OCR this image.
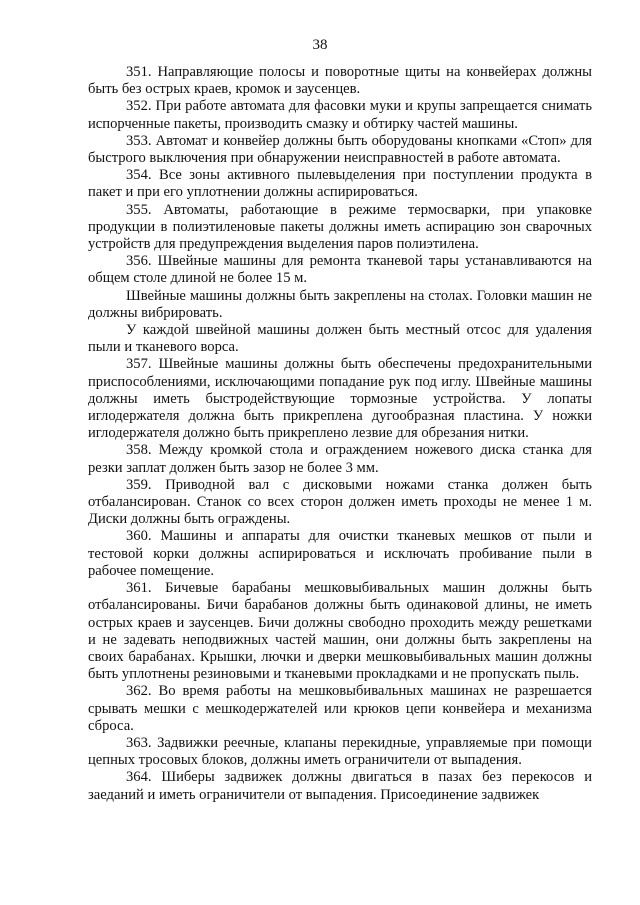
38

351. Направляющие полосы и поворотные щиты на конвейерах должны быть без острых краев, кромок и заусенцев.

352. При работе автомата для фасовки муки и крупы запрещается снимать испорченные пакеты, производить смазку и обтирку частей машины.

353. Автомат и конвейер должны быть оборудованы кнопками «Стоп» для быстрого выключения при обнаружении неисправностей в работе автомата.

354. Все зоны активного пылевыделения при поступлении продукта в пакет и при его уплотнении должны аспирироваться.

355. Автоматы, работающие в режиме термосварки, при упаковке продукции в полиэтиленовые пакеты должны иметь аспирацию зон сварочных устройств для предупреждения выделения паров полиэтилена.

356. Швейные машины для ремонта тканевой тары устанавливаются на общем столе длиной не более 15 м.

Швейные машины должны быть закреплены на столах. Головки машин не должны вибрировать.

У каждой швейной машины должен быть местный отсос для удаления пыли и тканевого ворса.

357. Швейные машины должны быть обеспечены предохранительными приспособлениями, исключающими попадание рук под иглу. Швейные машины должны иметь быстродействующие тормозные устройства. У лопаты иглодержателя должна быть прикреплена дугообразная пластина. У ножки иглодержателя должно быть прикреплено лезвие для обрезания нитки.

358. Между кромкой стола и ограждением ножевого диска станка для резки заплат должен быть зазор не более 3 мм.

359. Приводной вал с дисковыми ножами станка должен быть отбалансирован. Станок со всех сторон должен иметь проходы не менее 1 м. Диски должны быть ограждены.

360. Машины и аппараты для очистки тканевых мешков от пыли и тестовой корки должны аспирироваться и исключать пробивание пыли в рабочее помещение.

361. Бичевые барабаны мешковыбивальных машин должны быть отбалансированы. Бичи барабанов должны быть одинаковой длины, не иметь острых краев и заусенцев. Бичи должны свободно проходить между решетками и не задевать неподвижных частей машин, они должны быть закреплены на своих барабанах. Крышки, лючки и дверки мешковыбивальных машин должны быть уплотнены резиновыми и тканевыми прокладками и не пропускать пыль.

362. Во время работы на мешковыбивальных машинах не разрешается срывать мешки с мешкодержателей или крюков цепи конвейера и механизма сброса.

363. Задвижки реечные, клапаны перекидные, управляемые при помощи цепных тросовых блоков, должны иметь ограничители от выпадения.

364. Шиберы задвижек должны двигаться в пазах без перекосов и заеданий и иметь ограничители от выпадения. Присоединение задвижек
